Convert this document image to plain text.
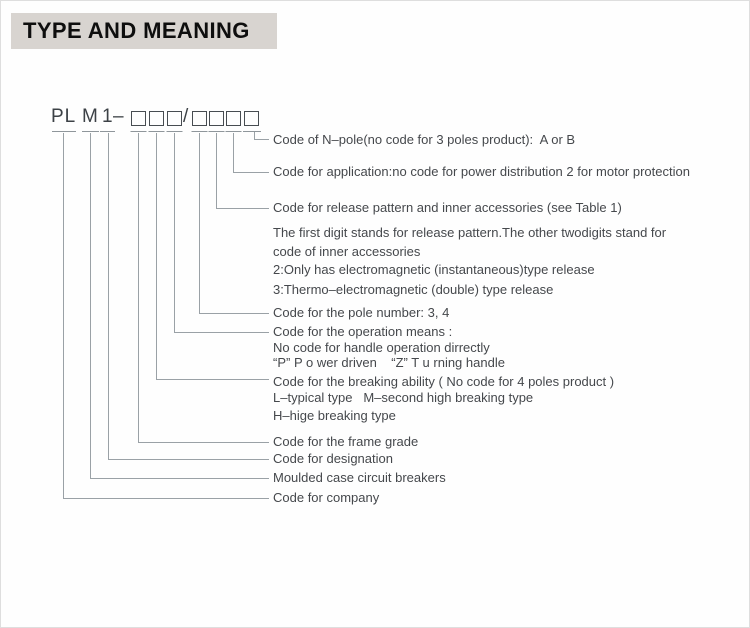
TYPE AND MEANING
PL M 1 –	/
Code of N–pole(no code for 3 poles product):  A or B
Code for application:no code for power distribution 2 for motor protection
Code for release pattern and inner accessories (see Table 1)
The first digit stands for release pattern.The other twodigits stand for
code of inner accessories
2:Only has electromagnetic (instantaneous)type release
3:Thermo–electromagnetic (double) type release
Code for the pole number: 3, 4
Code for the operation means :
No code for handle operation dirrectly
“P” P o wer driven    “Z” T u rning handle
Code for the breaking ability ( No code for 4 poles product )
L–typical type   M–second high breaking type
H–hige breaking type
Code for the frame grade
Code for designation
Moulded case circuit breakers
Code for company
